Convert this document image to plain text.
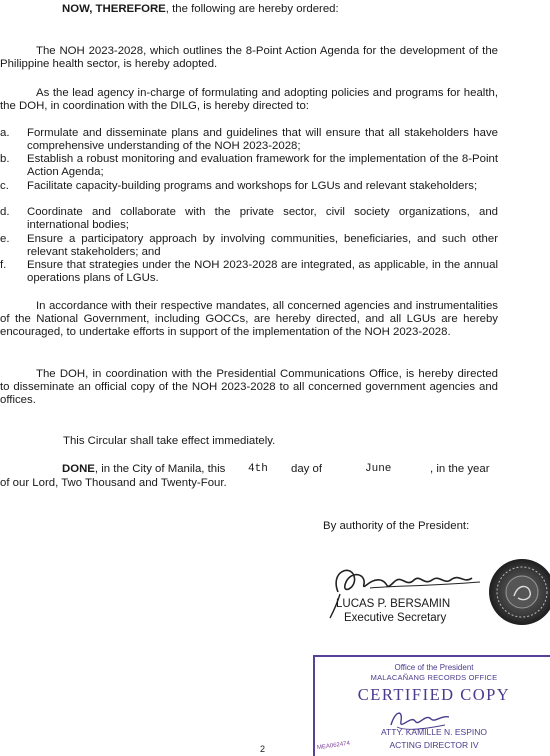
NOW, THEREFORE, the following are hereby ordered:

The NOH 2023-2028, which outlines the 8-Point Action Agenda for the development of the Philippine health sector, is hereby adopted.

As the lead agency in-charge of formulating and adopting policies and programs for health, the DOH, in coordination with the DILG, is hereby directed to:

a.	Formulate and disseminate plans and guidelines that will ensure that all stakeholders have comprehensive understanding of the NOH 2023-2028;

b.	Establish a robust monitoring and evaluation framework for the implementation of the 8-Point Action Agenda;

c.	Facilitate capacity-building programs and workshops for LGUs and relevant stakeholders;

d.	Coordinate and collaborate with the private sector, civil society organizations, and international bodies;

e.	Ensure a participatory approach by involving communities, beneficiaries, and such other relevant stakeholders; and

f.	Ensure that strategies under the NOH 2023-2028 are integrated, as applicable, in the annual operations plans of LGUs.

In accordance with their respective mandates, all concerned agencies and instrumentalities of the National Government, including GOCCs, are hereby directed, and all LGUs are hereby encouraged, to undertake efforts in support of the implementation of the NOH 2023-2028.

The DOH, in coordination with the Presidential Communications Office, is hereby directed to disseminate an official copy of the NOH 2023-2028 to all concerned government agencies and offices.

This Circular shall take effect immediately.

DONE, in the City of Manila, this 4th day of	June	, in the year
of our Lord, Two Thousand and Twenty-Four.

By authority of the President:

LUCAS P. BERSAMIN
Executive Secretary
Office of the President
MALACAÑANG RECORDS OFFICE
CERTIFIED COPY
ATTY. KAMILLE N. ESPINO
ACTING DIRECTOR IV
MEA062474
2
